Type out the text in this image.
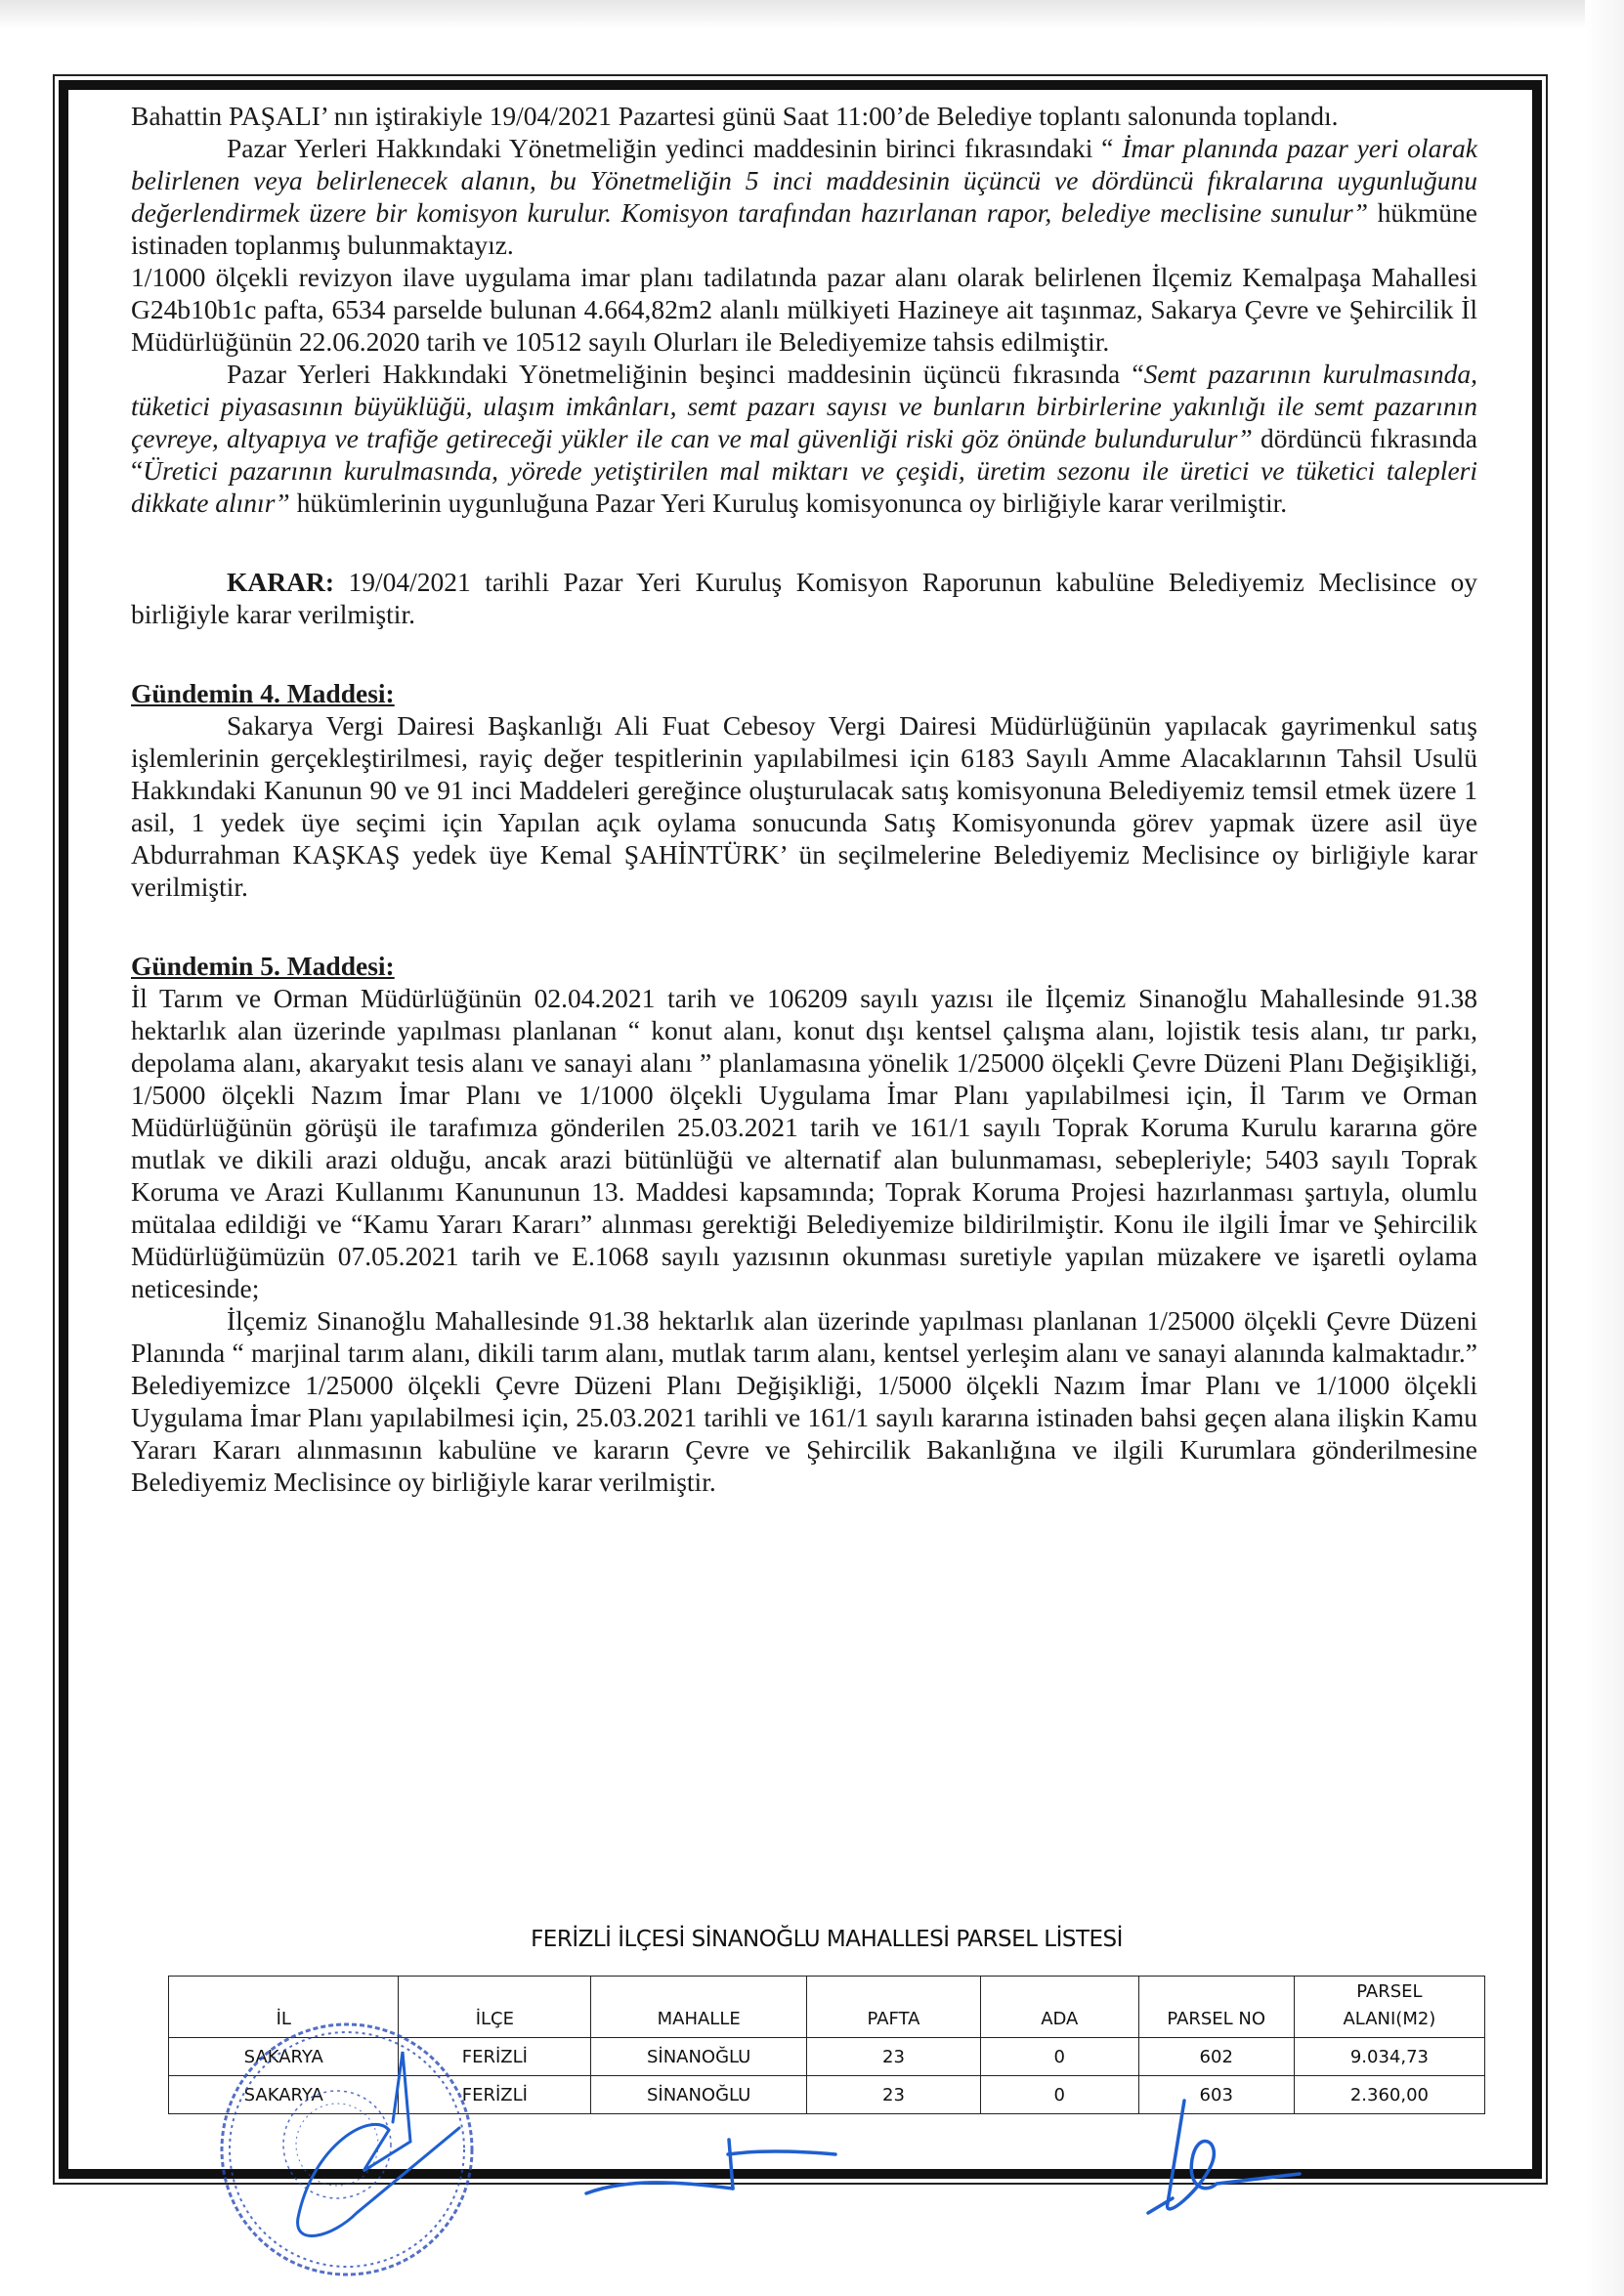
Bahattin PAŞALI’ nın iştirakiyle 19/04/2021 Pazartesi günü Saat 11:00’de Belediye toplantı salonunda toplandı.

Pazar Yerleri Hakkındaki Yönetmeliğin yedinci maddesinin birinci fıkrasındaki “ İmar planında pazar yeri olarak belirlenen veya belirlenecek alanın, bu Yönetmeliğin 5 inci maddesinin üçüncü ve dördüncü fıkralarına uygunluğunu değerlendirmek üzere bir komisyon kurulur. Komisyon tarafından hazırlanan rapor, belediye meclisine sunulur” hükmüne istinaden toplanmış bulunmaktayız.

1/1000 ölçekli revizyon ilave uygulama imar planı tadilatında pazar alanı olarak belirlenen İlçemiz Kemalpaşa Mahallesi G24b10b1c pafta, 6534 parselde bulunan 4.664,82m2 alanlı mülkiyeti Hazineye ait taşınmaz, Sakarya Çevre ve Şehircilik İl Müdürlüğünün 22.06.2020 tarih ve 10512 sayılı Olurları ile Belediyemize tahsis edilmiştir.

Pazar Yerleri Hakkındaki Yönetmeliğinin beşinci maddesinin üçüncü fıkrasında “Semt pazarının kurulmasında, tüketici piyasasının büyüklüğü, ulaşım imkânları, semt pazarı sayısı ve bunların birbirlerine yakınlığı ile semt pazarının çevreye, altyapıya ve trafiğe getireceği yükler ile can ve mal güvenliği riski göz önünde bulundurulur” dördüncü fıkrasında “Üretici pazarının kurulmasında, yörede yetiştirilen mal miktarı ve çeşidi, üretim sezonu ile üretici ve tüketici talepleri dikkate alınır” hükümlerinin uygunluğuna Pazar Yeri Kuruluş komisyonunca oy birliğiyle karar verilmiştir.

KARAR: 19/04/2021 tarihli Pazar Yeri Kuruluş Komisyon Raporunun kabulüne Belediyemiz Meclisince oy birliğiyle karar verilmiştir.

Gündemin 4. Maddesi:

Sakarya Vergi Dairesi Başkanlığı Ali Fuat Cebesoy Vergi Dairesi Müdürlüğünün yapılacak gayrimenkul satış işlemlerinin gerçekleştirilmesi, rayiç değer tespitlerinin yapılabilmesi için 6183 Sayılı Amme Alacaklarının Tahsil Usulü Hakkındaki Kanunun 90 ve 91 inci Maddeleri gereğince oluşturulacak satış komisyonuna Belediyemiz temsil etmek üzere 1 asil, 1 yedek üye seçimi için Yapılan açık oylama sonucunda Satış Komisyonunda görev yapmak üzere asil üye Abdurrahman KAŞKAŞ yedek üye Kemal ŞAHİNTÜRK’ ün seçilmelerine Belediyemiz Meclisince oy birliğiyle karar verilmiştir.

Gündemin 5. Maddesi:

İl Tarım ve Orman Müdürlüğünün 02.04.2021 tarih ve 106209 sayılı yazısı ile İlçemiz Sinanoğlu Mahallesinde 91.38 hektarlık alan üzerinde yapılması planlanan “ konut alanı, konut dışı kentsel çalışma alanı, lojistik tesis alanı, tır parkı, depolama alanı, akaryakıt tesis alanı ve sanayi alanı ” planlamasına yönelik 1/25000 ölçekli Çevre Düzeni Planı Değişikliği, 1/5000 ölçekli Nazım İmar Planı ve 1/1000 ölçekli Uygulama İmar Planı yapılabilmesi için, İl Tarım ve Orman Müdürlüğünün görüşü ile tarafımıza gönderilen 25.03.2021 tarih ve 161/1 sayılı Toprak Koruma Kurulu kararına göre mutlak ve dikili arazi olduğu, ancak arazi bütünlüğü ve alternatif alan bulunmaması, sebepleriyle; 5403 sayılı Toprak Koruma ve Arazi Kullanımı Kanununun 13. Maddesi kapsamında; Toprak Koruma Projesi hazırlanması şartıyla, olumlu mütalaa edildiği ve “Kamu Yararı Kararı” alınması gerektiği Belediyemize bildirilmiştir. Konu ile ilgili İmar ve Şehircilik Müdürlüğümüzün 07.05.2021 tarih ve E.1068 sayılı yazısının okunması suretiyle yapılan müzakere ve işaretli oylama neticesinde;

İlçemiz Sinanoğlu Mahallesinde 91.38 hektarlık alan üzerinde yapılması planlanan 1/25000 ölçekli Çevre Düzeni Planında “ marjinal tarım alanı, dikili tarım alanı, mutlak tarım alanı, kentsel yerleşim alanı ve sanayi alanında kalmaktadır.” Belediyemizce 1/25000 ölçekli Çevre Düzeni Planı Değişikliği, 1/5000 ölçekli Nazım İmar Planı ve 1/1000 ölçekli Uygulama İmar Planı yapılabilmesi için, 25.03.2021 tarihli ve 161/1 sayılı kararına istinaden bahsi geçen alana ilişkin Kamu Yararı Kararı alınmasının kabulüne ve kararın Çevre ve Şehircilik Bakanlığına ve ilgili Kurumlara gönderilmesine Belediyemiz Meclisince oy birliğiyle karar verilmiştir.

FERİZLİ İLÇESİ SİNANOĞLU MAHALLESİ PARSEL LİSTESİ
İL	İLÇE	MAHALLE	PAFTA	ADA	PARSEL NO	PARSEL ALANI(M2)
SAKARYA	FERİZLİ	SİNANOĞLU	23	0	602	9.034,73
SAKARYA	FERİZLİ	SİNANOĞLU	23	0	603	2.360,00
